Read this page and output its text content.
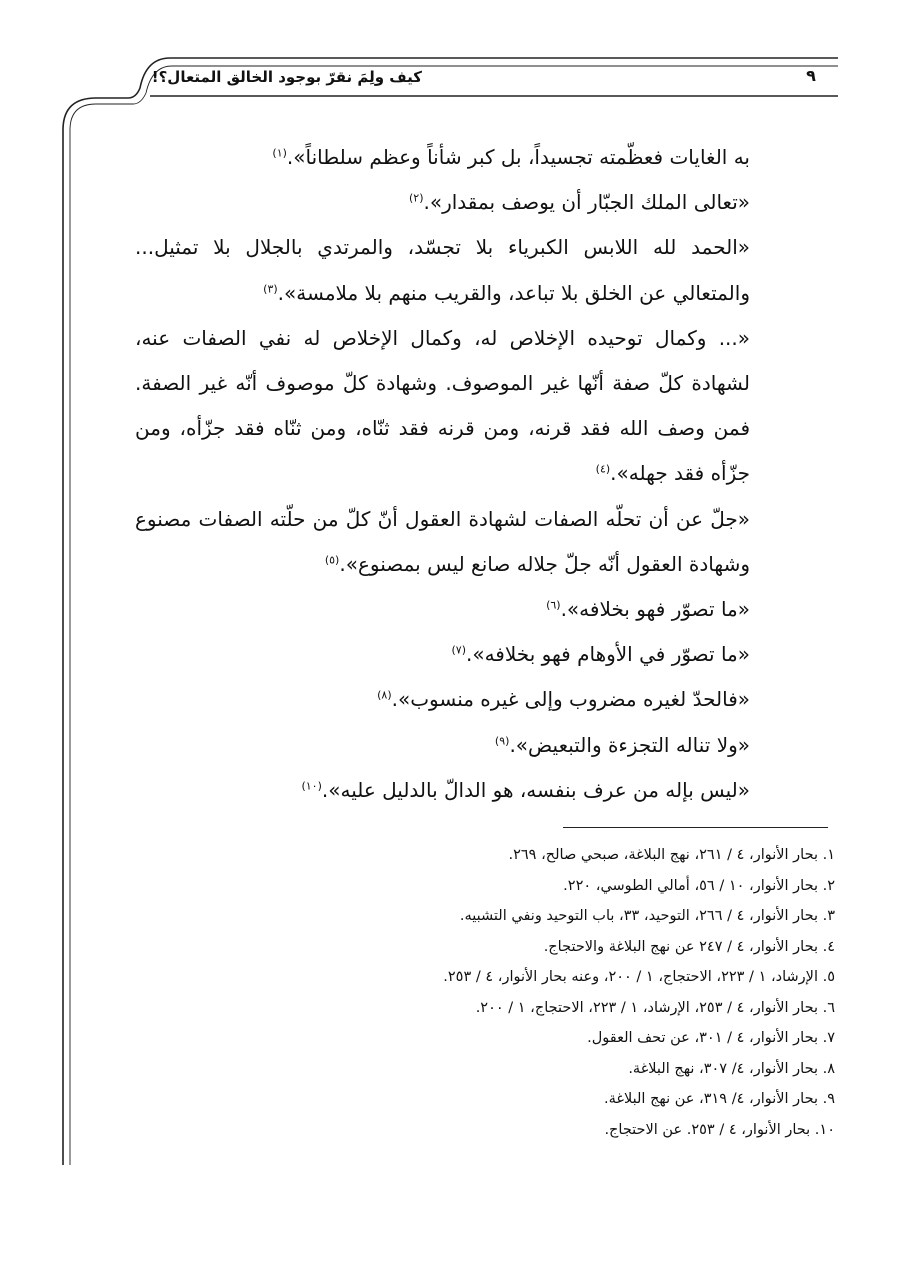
كيف ولِمَ نقرّ بوجود الخالق المتعال؟!	٩

به الغايات فعظّمته تجسيداً، بل كبر شأناً وعظم سلطاناً».$^{(١)}$

«تعالى الملك الجبّار أن يوصف بمقدار».$^{(٢)}$

«الحمد لله اللابس الكبرياء بلا تجسّد، والمرتدي بالجلال بلا تمثيل... والمتعالي عن الخلق بلا تباعد، والقريب منهم بلا ملامسة».$^{(٣)}$

«... وكمال توحيده الإخلاص له، وكمال الإخلاص له نفي الصفات عنه، لشهادة كلّ صفة أنّها غير الموصوف. وشهادة كلّ موصوف أنّه غير الصفة. فمن وصف الله فقد قرنه، ومن قرنه فقد ثنّاه، ومن ثنّاه فقد جزّأه، ومن جزّأه فقد جهله».$^{(٤)}$

«جلّ عن أن تحلّه الصفات لشهادة العقول أنّ كلّ من حلّته الصفات مصنوع وشهادة العقول أنّه جلّ جلاله صانع ليس بمصنوع».$^{(٥)}$

«ما تصوّر فهو بخلافه».$^{(٦)}$

«ما تصوّر في الأوهام فهو بخلافه».$^{(٧)}$

«فالحدّ لغيره مضروب وإلى غيره منسوب».$^{(٨)}$

«ولا تناله التجزءة والتبعيض».$^{(٩)}$

«ليس بإله من عرف بنفسه، هو الدالّ بالدليل عليه».$^{(١٠)}$

١. بحار الأنوار، ٤ / ٢٦١، نهج البلاغة، صبحي صالح، ٢٦٩.
٢. بحار الأنوار، ١٠ / ٥٦، أمالي الطوسي، ٢٢٠.
٣. بحار الأنوار، ٤ / ٢٦٦، التوحيد، ٣٣، باب التوحيد ونفي التشبيه.
٤. بحار الأنوار، ٤ / ٢٤٧ عن نهج البلاغة والاحتجاج.
٥. الإرشاد، ١ / ٢٢٣، الاحتجاج، ١ / ٢٠٠، وعنه بحار الأنوار، ٤ / ٢٥٣.
٦. بحار الأنوار، ٤ / ٢٥٣، الإرشاد، ١ / ٢٢٣، الاحتجاج، ١ / ٢٠٠.
٧. بحار الأنوار، ٤ / ٣٠١، عن تحف العقول.
٨. بحار الأنوار، ٤/ ٣٠٧، نهج البلاغة.
٩. بحار الأنوار، ٤/ ٣١٩، عن نهج البلاغة.
١٠. بحار الأنوار، ٤ / ٢٥٣. عن الاحتجاج.
